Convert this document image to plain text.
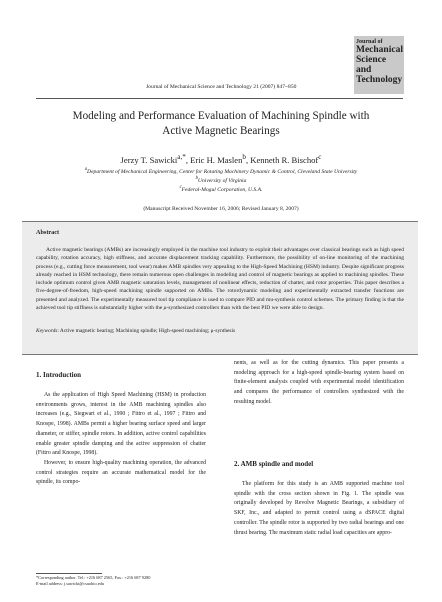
Journal of
Mechanical
Science and
Technology
Journal of Mechanical Science and Technology 21 (2007) 847~850
Modeling and Performance Evaluation of Machining Spindle with
Active Magnetic Bearings
Jerzy T. Sawicki$^{a,*}$, Eric H. Maslen$^b$, Kenneth R. Bischof$^c$
$^a$Department of Mechanical Engineering, Center for Rotating Machinery Dynamic & Control, Cleveland State University
$^b$University of Virginia
$^c$Federal-Mogul Corporation, U.S.A.
(Manuscript Received November 16, 2006; Revised January 8, 2007)
Abstract

Active magnetic bearings (AMBs) are increasingly employed in the machine tool industry to exploit their advantages over classical bearings such as high speed capability, rotation accuracy, high stiffness, and accurate displacement tracking capability. Furthermore, the possibility of on-line monitoring of the machining process (e.g., cutting force measurement, tool wear) makes AMB spindles very appealing to the High-Speed Machining (HSM) industry. Despite significant progress already reached in HSM technology, there remain numerous open challenges in modeling and control of magnetic bearings as applied to machining spindles. These include optimum control given AMB magnetic saturation levels, management of nonlinear effects, reduction of chatter, and rotor properties. This paper describes a five-degree-of-freedom, high-speed machining spindle supported on AMBs. The rotordynamic modeling and experimentally extracted transfer functions are presented and analyzed. The experimentally measured tool tip compliance is used to compare PID and mu-synthesis control schemes. The primary finding is that the achieved tool tip stiffness is substantially higher with the μ-synthesized controllers than with the best PID we were able to design.

Keywords: Active magnetic bearing; Machining spindle; High-speed machining; μ-synthesis
1. Introduction

As the application of High Speed Machining (HSM) in production environments grows, interest in the AMB machining spindles also increases (e.g., Siegwart et al., 1990 ; Fittro et al., 1997 ; Fittro and Knospe, 1998). AMBs permit a higher bearing surface speed and larger diameter, or stiffer, spindle rotors. In addition, active control capabilities enable greater spindle damping and the active suppression of chatter (Fittro and Knospe, 1998).

However, to ensure high-quality machining operation, the advanced control strategies require an accurate mathematical model for the spindle, its compo-

nents, as well as for the cutting dynamics. This paper presents a modeling approach for a high-speed spindle-bearing system based on finite-element analysis coupled with experimental model identification and compares the performance of controllers synthesized with the resulting model.

2. AMB spindle and model

The platform for this study is an AMB supported machine tool spindle with the cross section shown in Fig. 1. The spindle was originally developed by Revolve Magnetic Bearings, a subsidiary of SKF, Inc., and adapted to permit control using a dSPACE digital controller. The spindle rotor is supported by two radial bearings and one thrust bearing. The maximum static radial load capacities are appro-

*Corresponding author. Tel.: +216 687 2565, Fax.: +216 687 9280
E-mail address: j.sawicki@csuohio.edu
